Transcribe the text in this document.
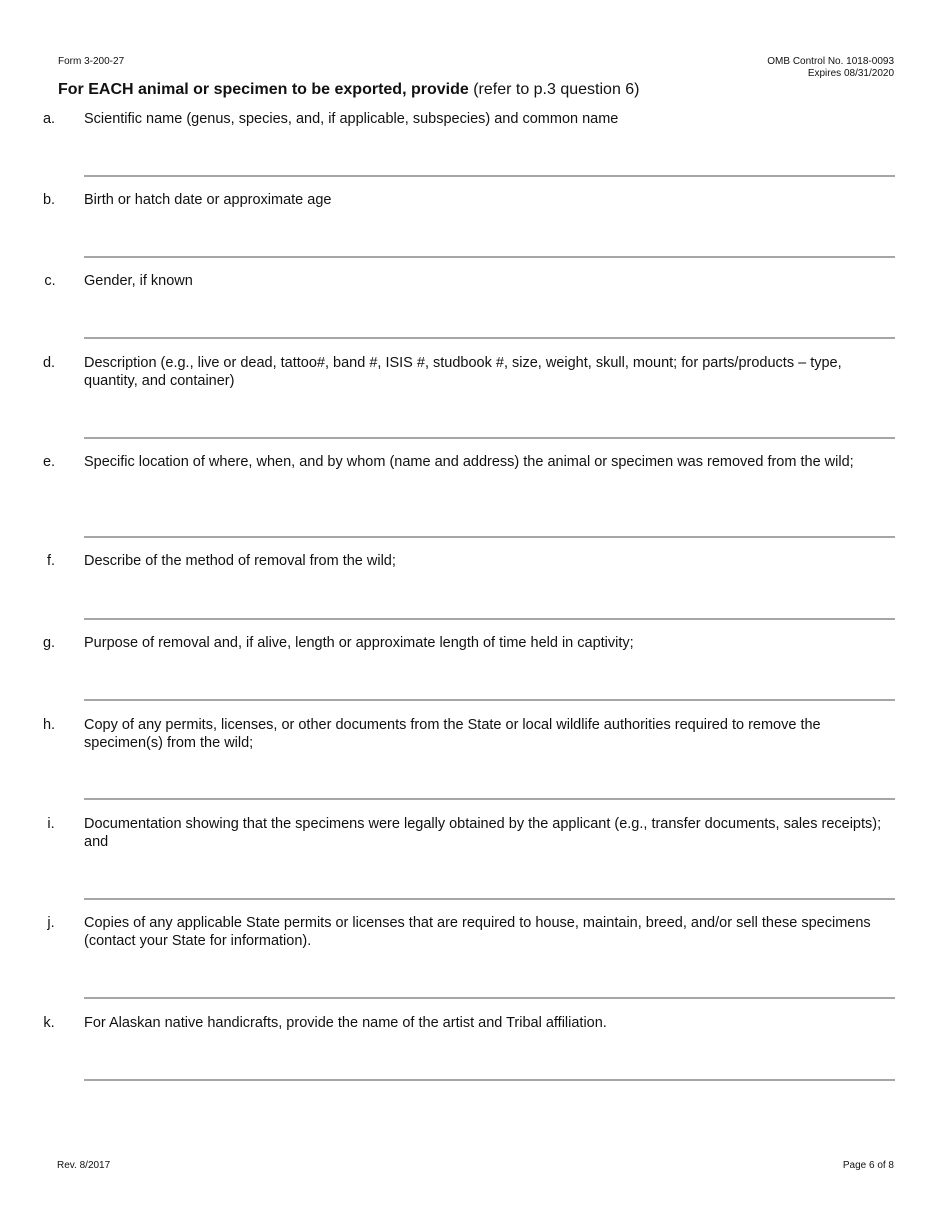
Form 3-200-27	OMB Control No. 1018-0093
Expires 08/31/2020
For EACH animal or specimen to be exported, provide (refer to p.3 question 6)
a. Scientific name (genus, species, and, if applicable, subspecies) and common name
b. Birth or hatch date or approximate age
c.	Gender, if known
d. Description (e.g., live or dead, tattoo#, band #, ISIS #, studbook #, size, weight, skull, mount; for parts/products – type, quantity, and container)
e. Specific location of where, when, and by whom (name and address) the animal or specimen was removed from the wild;
f.	Describe of the method of removal from the wild;
g. Purpose of removal and, if alive, length or approximate length of time held in captivity;
h. Copy of any permits, licenses, or other documents from the State or local wildlife authorities required to remove the specimen(s) from the wild;
i.	Documentation showing that the specimens were legally obtained by the applicant (e.g., transfer documents, sales receipts); and
j.	Copies of any applicable State permits or licenses that are required to house, maintain, breed, and/or sell these specimens (contact your State for information).
k.	For Alaskan native handicrafts, provide the name of the artist and Tribal affiliation.
Rev. 8/2017	Page 6 of 8
